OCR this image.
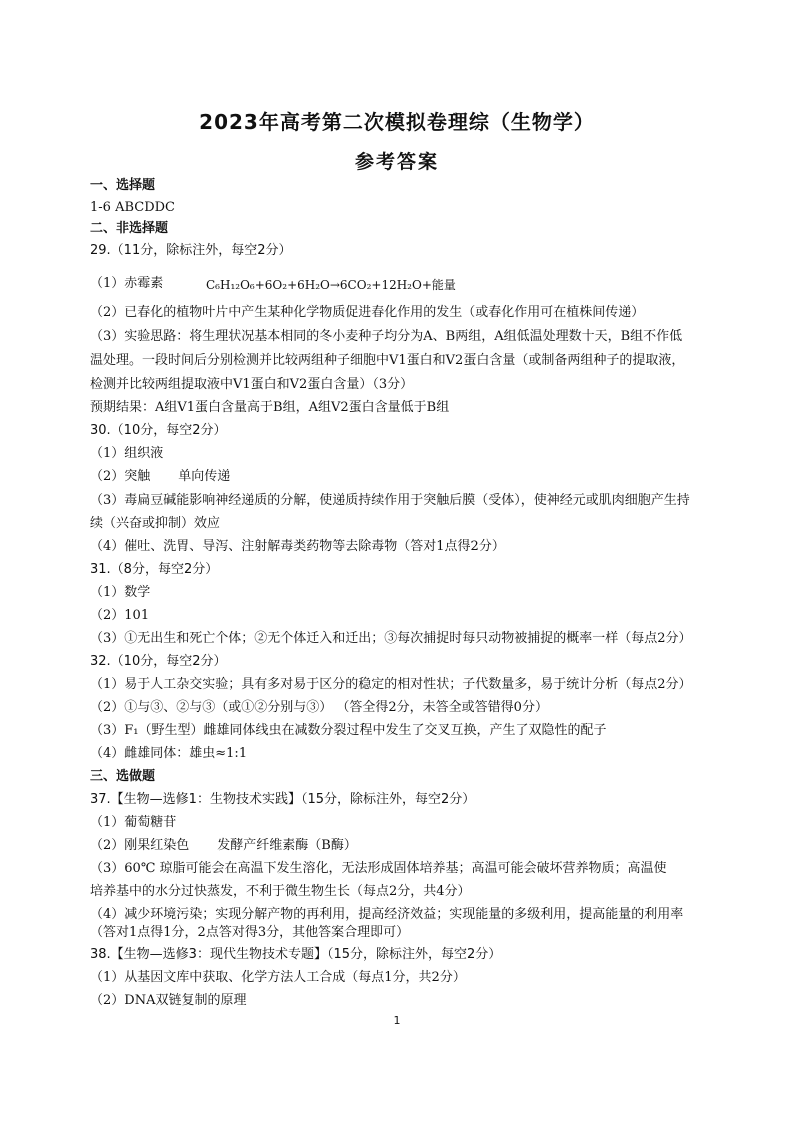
2023年高考第二次模拟卷理综（生物学）
参考答案
一、选择题
1-6 ABCDDC
二、非选择题
29.（11分，除标注外，每空2分）
（1）赤霉素	C₆H₁₂O₆+6O₂+6H₂O→6CO₂+12H₂O+能量
（2）已春化的植物叶片中产生某种化学物质促进春化作用的发生（或春化作用可在植株间传递）
（3）实验思路：将生理状况基本相同的冬小麦种子均分为A、B两组，A组低温处理数十天，B组不作低
温处理。一段时间后分别检测并比较两组种子细胞中V1蛋白和V2蛋白含量（或制备两组种子的提取液，
检测并比较两组提取液中V1蛋白和V2蛋白含量）（3分）
预期结果：A组V1蛋白含量高于B组，A组V2蛋白含量低于B组
30.（10分，每空2分）
（1）组织液
（2）突触 单向传递
（3）毒扁豆碱能影响神经递质的分解，使递质持续作用于突触后膜（受体），使神经元或肌肉细胞产生持
续（兴奋或抑制）效应
（4）催吐、洗胃、导泻、注射解毒类药物等去除毒物（答对1点得2分）
31.（8分，每空2分）
（1）数学
（2）101
（3）①无出生和死亡个体；②无个体迁入和迁出；③每次捕捉时每只动物被捕捉的概率一样（每点2分）
32.（10分，每空2分）
（1）易于人工杂交实验；具有多对易于区分的稳定的相对性状；子代数量多，易于统计分析（每点2分）
（2）①与③、②与③（或①②分别与③） （答全得2分，未答全或答错得0分）
（3）F₁（野生型）雌雄同体线虫在减数分裂过程中发生了交叉互换，产生了双隐性的配子
（4）雌雄同体：雄虫≈1:1
三、选做题
37.【生物—选修1：生物技术实践】（15分，除标注外，每空2分）
（1）葡萄糖苷
（2）刚果红染色 发酵产纤维素酶（B酶）
（3）60℃ 琼脂可能会在高温下发生溶化，无法形成固体培养基；高温可能会破坏营养物质；高温使
培养基中的水分过快蒸发，不利于微生物生长（每点2分，共4分）
（4）减少环境污染；实现分解产物的再利用，提高经济效益；实现能量的多级利用，提高能量的利用率
（答对1点得1分，2点答对得3分，其他答案合理即可）
38.【生物—选修3：现代生物技术专题】（15分，除标注外，每空2分）
（1）从基因文库中获取、化学方法人工合成（每点1分，共2分）
（2）DNA双链复制的原理
1
